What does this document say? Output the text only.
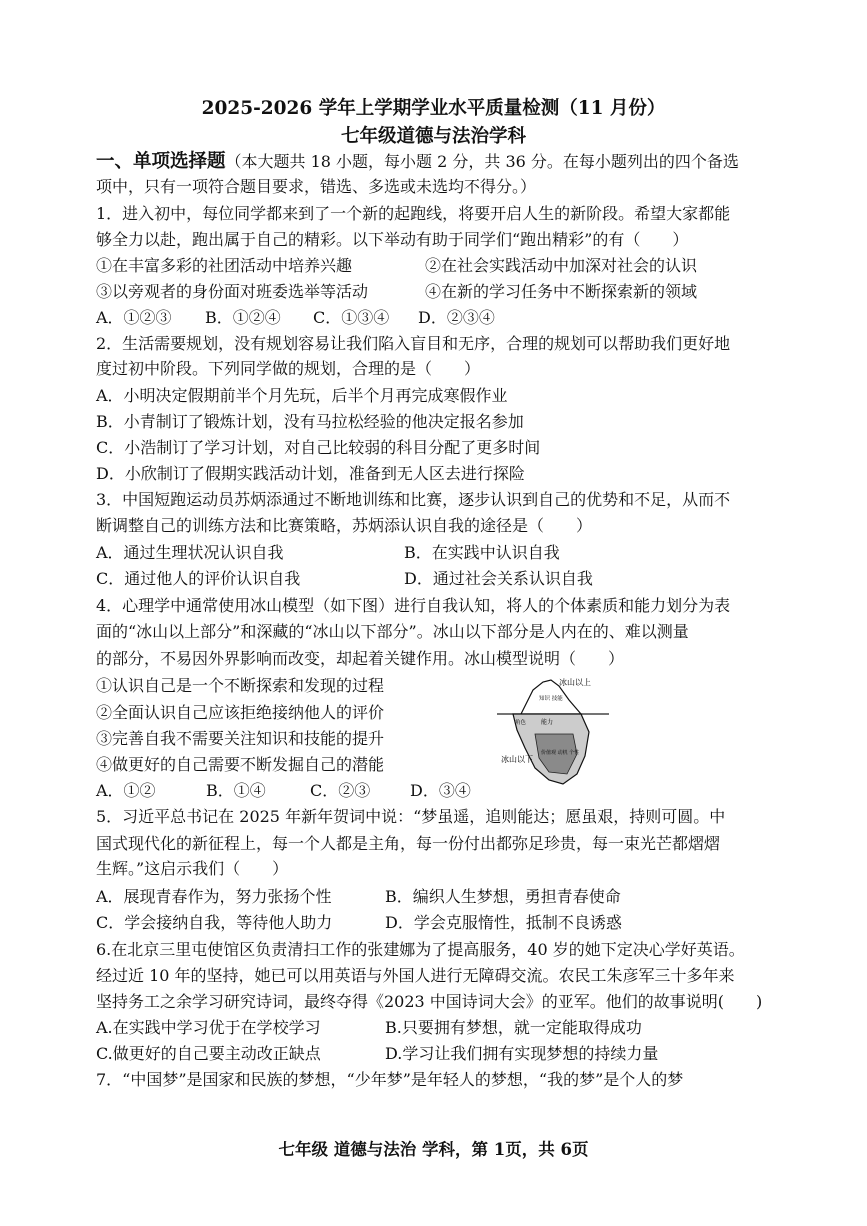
2025-2026 学年上学期学业水平质量检测（11 月份）
七年级道德与法治学科
一、单项选择题（本大题共 18 小题，每小题 2 分，共 36 分。在每小题列出的四个备选
项中，只有一项符合题目要求，错选、多选或未选均不得分。）
1．进入初中，每位同学都来到了一个新的起跑线，将要开启人生的新阶段。希望大家都能
够全力以赴，跑出属于自己的精彩。以下举动有助于同学们“跑出精彩”的有（　　）
①在丰富多彩的社团活动中培养兴趣	②在社会实践活动中加深对社会的认识
③以旁观者的身份面对班委选举等活动	④在新的学习任务中不断探索新的领域
A．①②③ B．①②④ C．①③④ D．②③④
2．生活需要规划，没有规划容易让我们陷入盲目和无序，合理的规划可以帮助我们更好地
度过初中阶段。下列同学做的规划，合理的是（　　）
A．小明决定假期前半个月先玩，后半个月再完成寒假作业
B．小青制订了锻炼计划，没有马拉松经验的他决定报名参加
C．小浩制订了学习计划，对自己比较弱的科目分配了更多时间
D．小欣制订了假期实践活动计划，准备到无人区去进行探险
3．中国短跑运动员苏炳添通过不断地训练和比赛，逐步认识到自己的优势和不足，从而不
断调整自己的训练方法和比赛策略，苏炳添认识自我的途径是（　　）
A．通过生理状况认识自我	B．在实践中认识自我
C．通过他人的评价认识自我	D．通过社会关系认识自我
4．心理学中通常使用冰山模型（如下图）进行自我认知，将人的个体素质和能力划分为表
面的“冰山以上部分”和深藏的“冰山以下部分”。冰山以下部分是人内在的、难以测量
的部分，不易因外界影响而改变，却起着关键作用。冰山模型说明（　　）
①认识自己是一个不断探索和发现的过程
②全面认识自己应该拒绝接纳他人的评价
③完善自我不需要关注知识和技能的提升
④做更好的自己需要不断发掘自己的潜能
A．①②	B．①④	C．②③ D．③④
冰山以上
知识 技能
角色 能力
价值观 动机 个性
冰山以下
5．习近平总书记在 2025 年新年贺词中说：“梦虽遥，追则能达；愿虽艰，持则可圆。中
国式现代化的新征程上，每一个人都是主角，每一份付出都弥足珍贵，每一束光芒都熠熠
生辉。”这启示我们（　　）
A．展现青春作为，努力张扬个性	B．编织人生梦想，勇担青春使命
C．学会接纳自我，等待他人助力	D．学会克服惰性，抵制不良诱惑
6.在北京三里屯使馆区负责清扫工作的张建娜为了提高服务，40 岁的她下定决心学好英语。
经过近 10 年的坚持，她已可以用英语与外国人进行无障碍交流。农民工朱彦军三十多年来
坚持务工之余学习研究诗词，最终夺得《2023 中国诗词大会》的亚军。他们的故事说明(　　)
A.在实践中学习优于在学校学习	B.只要拥有梦想，就一定能取得成功
C.做更好的自己要主动改正缺点	D.学习让我们拥有实现梦想的持续力量
7．“中国梦”是国家和民族的梦想，“少年梦”是年轻人的梦想，“我的梦”是个人的梦
七年级 道德与法治 学科，第 1页，共 6页
